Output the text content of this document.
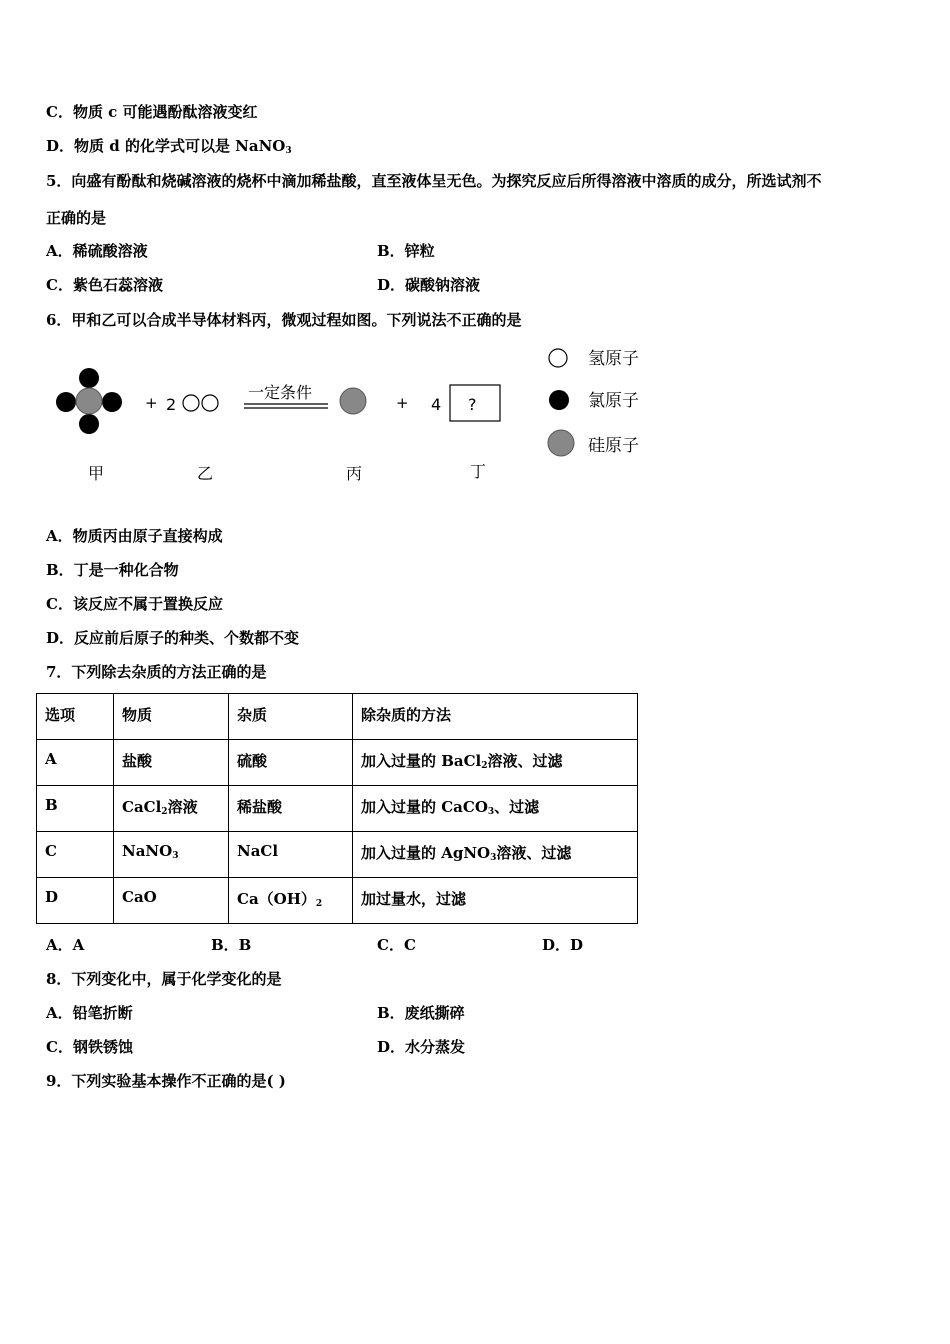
C．物质 c 可能遇酚酞溶液变红
D．物质 d 的化学式可以是 NaNO$_3$
5．向盛有酚酞和烧碱溶液的烧杯中滴加稀盐酸，直至液体呈无色。为探究反应后所得溶液中溶质的成分，所选试剂不
正确的是
A．稀硫酸溶液	B．锌粒
C．紫色石蕊溶液	D．碳酸钠溶液
6．甲和乙可以合成半导体材料丙，微观过程如图。下列说法不正确的是
+ 2
一定条件
+ 4 ?
甲	乙	丙	丁
氢原子
氯原子
硅原子
A．物质丙由原子直接构成
B．丁是一种化合物
C．该反应不属于置换反应
D．反应前后原子的种类、个数都不变
7．下列除去杂质的方法正确的是
选项	物质	杂质	除杂质的方法
A	盐酸	硫酸	加入过量的 BaCl$_2$溶液、过滤
B	CaCl$_2$溶液	稀盐酸	加入过量的 CaCO$_3$、过滤
C	NaNO$_3$	NaCl	加入过量的 AgNO$_3$溶液、过滤
D	CaO	$Ca(OH)_2$	加过量水，过滤
A．A	B．B	C．C	D．D
8．下列变化中，属于化学变化的是
A．铅笔折断	B．废纸撕碎
C．钢铁锈蚀	D．水分蒸发
9．下列实验基本操作不正确的是( )
